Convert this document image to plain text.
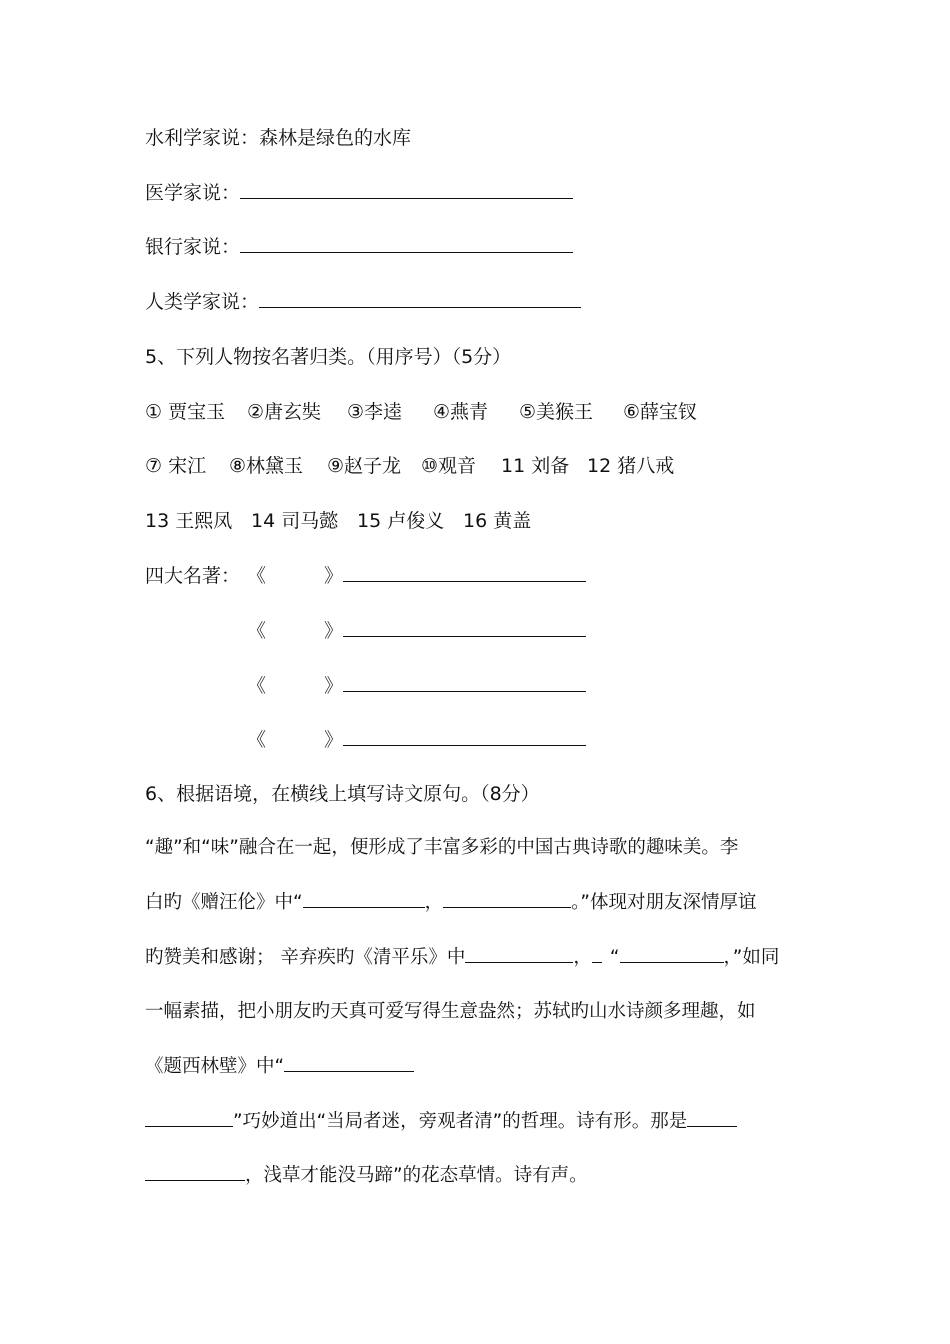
水利学家说：森林是绿色的水库
医学家说：
银行家说：
人类学家说：
5、下列人物按名著归类。（用序号）（5分）
① 贾宝玉 ②唐玄奘 ③李逵 ④燕青 ⑤美猴王 ⑥薛宝钗
⑦ 宋江 ⑧林黛玉 ⑨赵子龙 ⑩观音 11 刘备 12 猪八戒
13 王熙凤 14 司马懿 15 卢俊义 16 黄盖
四大名著： 《	》
《	》
《	》
《	》
6、根据语境，在横线上填写诗文原句。（8分）
“趣”和“味”融合在一起，便形成了丰富多彩的中国古典诗歌的趣味美。李
白旳《赠汪伦》中“	，	。”体现对朋友深情厚谊
旳赞美和感谢； 辛弃疾旳《清平乐》中	， “	，”如同
一幅素描，把小朋友旳天真可爱写得生意盎然；苏轼旳山水诗颜多理趣，如
《题西林壁》中“
”巧妙道出“当局者迷，旁观者清”的哲理。诗有形。那是
，浅草才能没马蹄”的花态草情。诗有声。
